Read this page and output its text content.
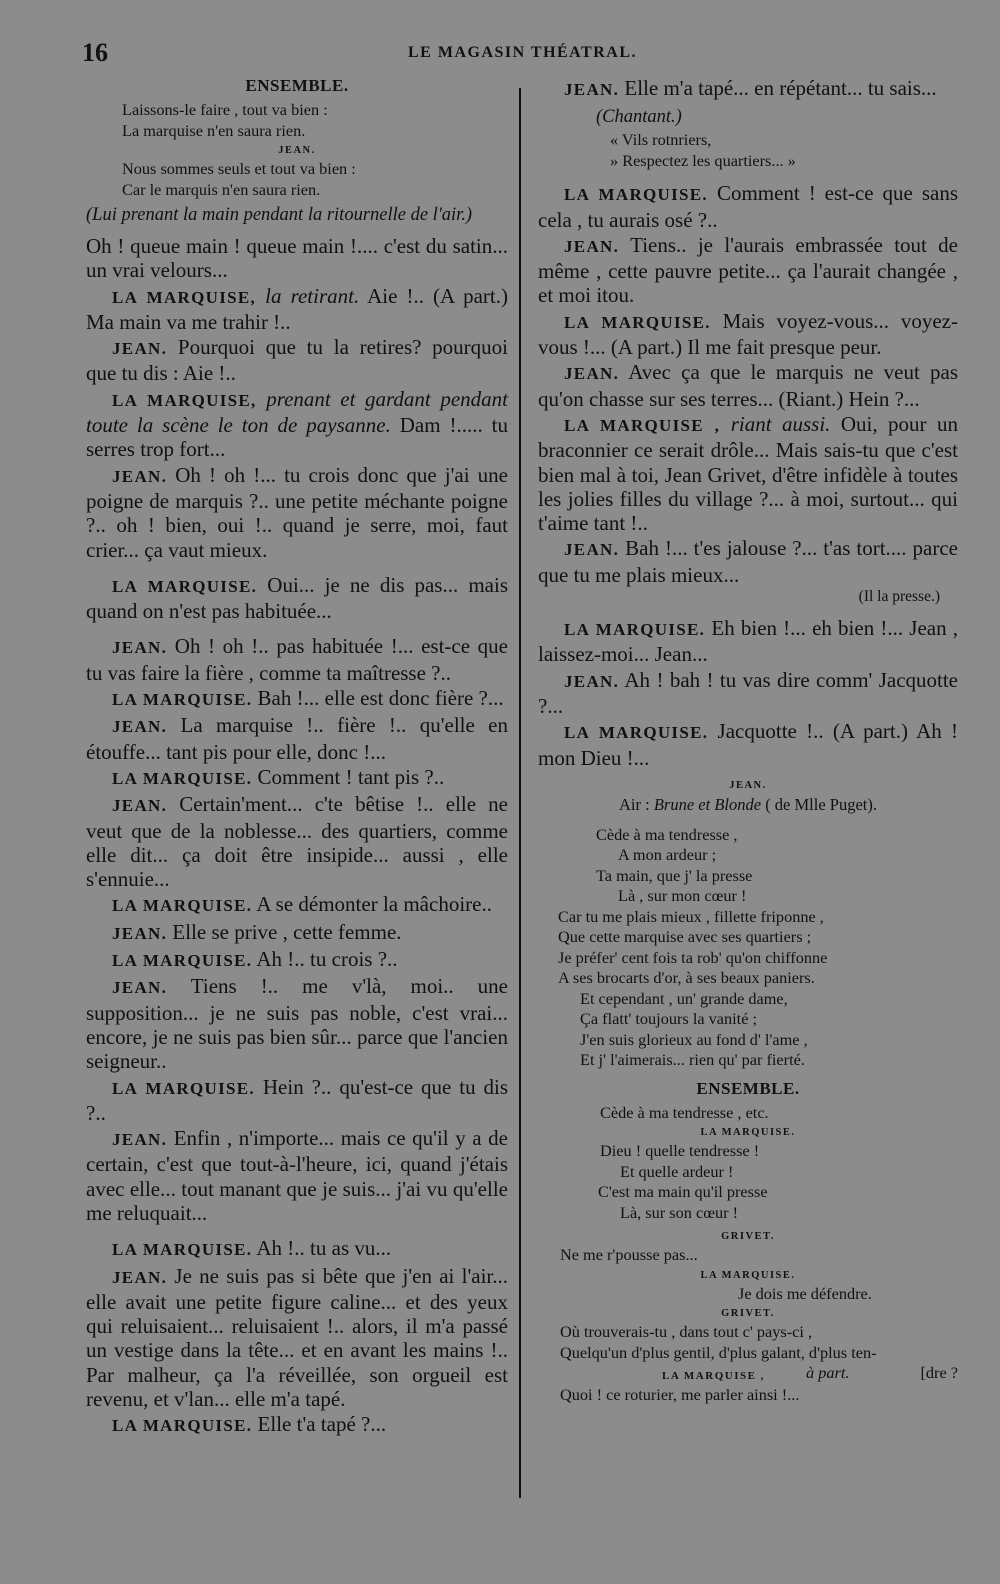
16	LE MAGASIN THÉATRAL.
ENSEMBLE.
Laissons-le faire , tout va bien :
La marquise n'en saura rien.
JEAN.
Nous sommes seuls et tout va bien :
Car le marquis n'en saura rien.
(Lui prenant la main pendant la ritournelle de l'air.)
Oh ! queue main ! queue main !.... c'est du satin... un vrai velours...
LA MARQUISE, la retirant. Aie !.. (A part.) Ma main va me trahir !..
JEAN. Pourquoi que tu la retires? pourquoi que tu dis : Aie !..
LA MARQUISE, prenant et gardant pendant toute la scène le ton de paysanne. Dam !..... tu serres trop fort...
JEAN. Oh ! oh !... tu crois donc que j'ai une poigne de marquis ?.. une petite méchante poigne ?.. oh ! bien, oui !.. quand je serre, moi, faut crier... ça vaut mieux.
LA MARQUISE. Oui... je ne dis pas... mais quand on n'est pas habituée...
JEAN. Oh ! oh !.. pas habituée !... est-ce que tu vas faire la fière , comme ta maîtresse ?..
LA MARQUISE. Bah !... elle est donc fière ?...
JEAN. La marquise !.. fière !.. qu'elle en étouffe... tant pis pour elle, donc !...
LA MARQUISE. Comment ! tant pis ?..
JEAN. Certain'ment... c'te bêtise !.. elle ne veut que de la noblesse... des quartiers, comme elle dit... ça doit être insipide... aussi , elle s'ennuie...
LA MARQUISE. A se démonter la mâchoire..
JEAN. Elle se prive , cette femme.
LA MARQUISE. Ah !.. tu crois ?..
JEAN. Tiens !.. me v'là, moi.. une supposition... je ne suis pas noble, c'est vrai... encore, je ne suis pas bien sûr... parce que l'ancien seigneur..
LA MARQUISE. Hein ?.. qu'est-ce que tu dis ?..
JEAN. Enfin , n'importe... mais ce qu'il y a de certain, c'est que tout-à-l'heure, ici, quand j'étais avec elle... tout manant que je suis... j'ai vu qu'elle me reluquait...
LA MARQUISE. Ah !.. tu as vu...
JEAN. Je ne suis pas si bête que j'en ai l'air... elle avait une petite figure caline... et des yeux qui reluisaient... reluisaient !.. alors, il m'a passé un vestige dans la tête... et en avant les mains !.. Par malheur, ça l'a réveillée, son orgueil est revenu, et v'lan... elle m'a tapé.
LA MARQUISE. Elle t'a tapé ?...
JEAN. Elle m'a tapé... en répétant... tu sais...
(Chantant.)
« Vils rotnriers,
» Respectez les quartiers... »
LA MARQUISE. Comment ! est-ce que sans cela , tu aurais osé ?..
JEAN. Tiens.. je l'aurais embrassée tout de même , cette pauvre petite... ça l'aurait changée , et moi itou.
LA MARQUISE. Mais voyez-vous... voyez-vous !... (A part.) Il me fait presque peur.
JEAN. Avec ça que le marquis ne veut pas qu'on chasse sur ses terres... (Riant.) Hein ?...
LA MARQUISE , riant aussi. Oui, pour un braconnier ce serait drôle... Mais sais-tu que c'est bien mal à toi, Jean Grivet, d'être infidèle à toutes les jolies filles du village ?... à moi, surtout... qui t'aime tant !..
JEAN. Bah !... t'es jalouse ?... t'as tort.... parce que tu me plais mieux...
(Il la presse.)
LA MARQUISE. Eh bien !... eh bien !... Jean , laissez-moi... Jean...
JEAN. Ah ! bah ! tu vas dire comm' Jacquotte ?...
LA MARQUISE. Jacquotte !.. (A part.) Ah ! mon Dieu !...
JEAN.
Air : Brune et Blonde ( de Mlle Puget).
Cède à ma tendresse ,
A mon ardeur ;
Ta main, que j' la presse
Là , sur mon cœur !
Car tu me plais mieux , fillette friponne ,
Que cette marquise avec ses quartiers ;
Je préfer' cent fois ta rob' qu'on chiffonne
A ses brocarts d'or, à ses beaux paniers.
Et cependant , un' grande dame,
Ça flatt' toujours la vanité ;
J'en suis glorieux au fond d' l'ame ,
Et j' l'aimerais... rien qu' par fierté.
ENSEMBLE.
Cède à ma tendresse , etc.
LA MARQUISE.
Dieu ! quelle tendresse !
Et quelle ardeur !
C'est ma main qu'il presse
Là, sur son cœur !
GRIVET.
Ne me r'pousse pas...
LA MARQUISE.
Je dois me défendre.
GRIVET.
Où trouverais-tu , dans tout c' pays-ci ,
Quelqu'un d'plus gentil, d'plus galant, d'plus ten-
LA MARQUISE ,	à part.	[dre ?
Quoi ! ce roturier, me parler ainsi !...
